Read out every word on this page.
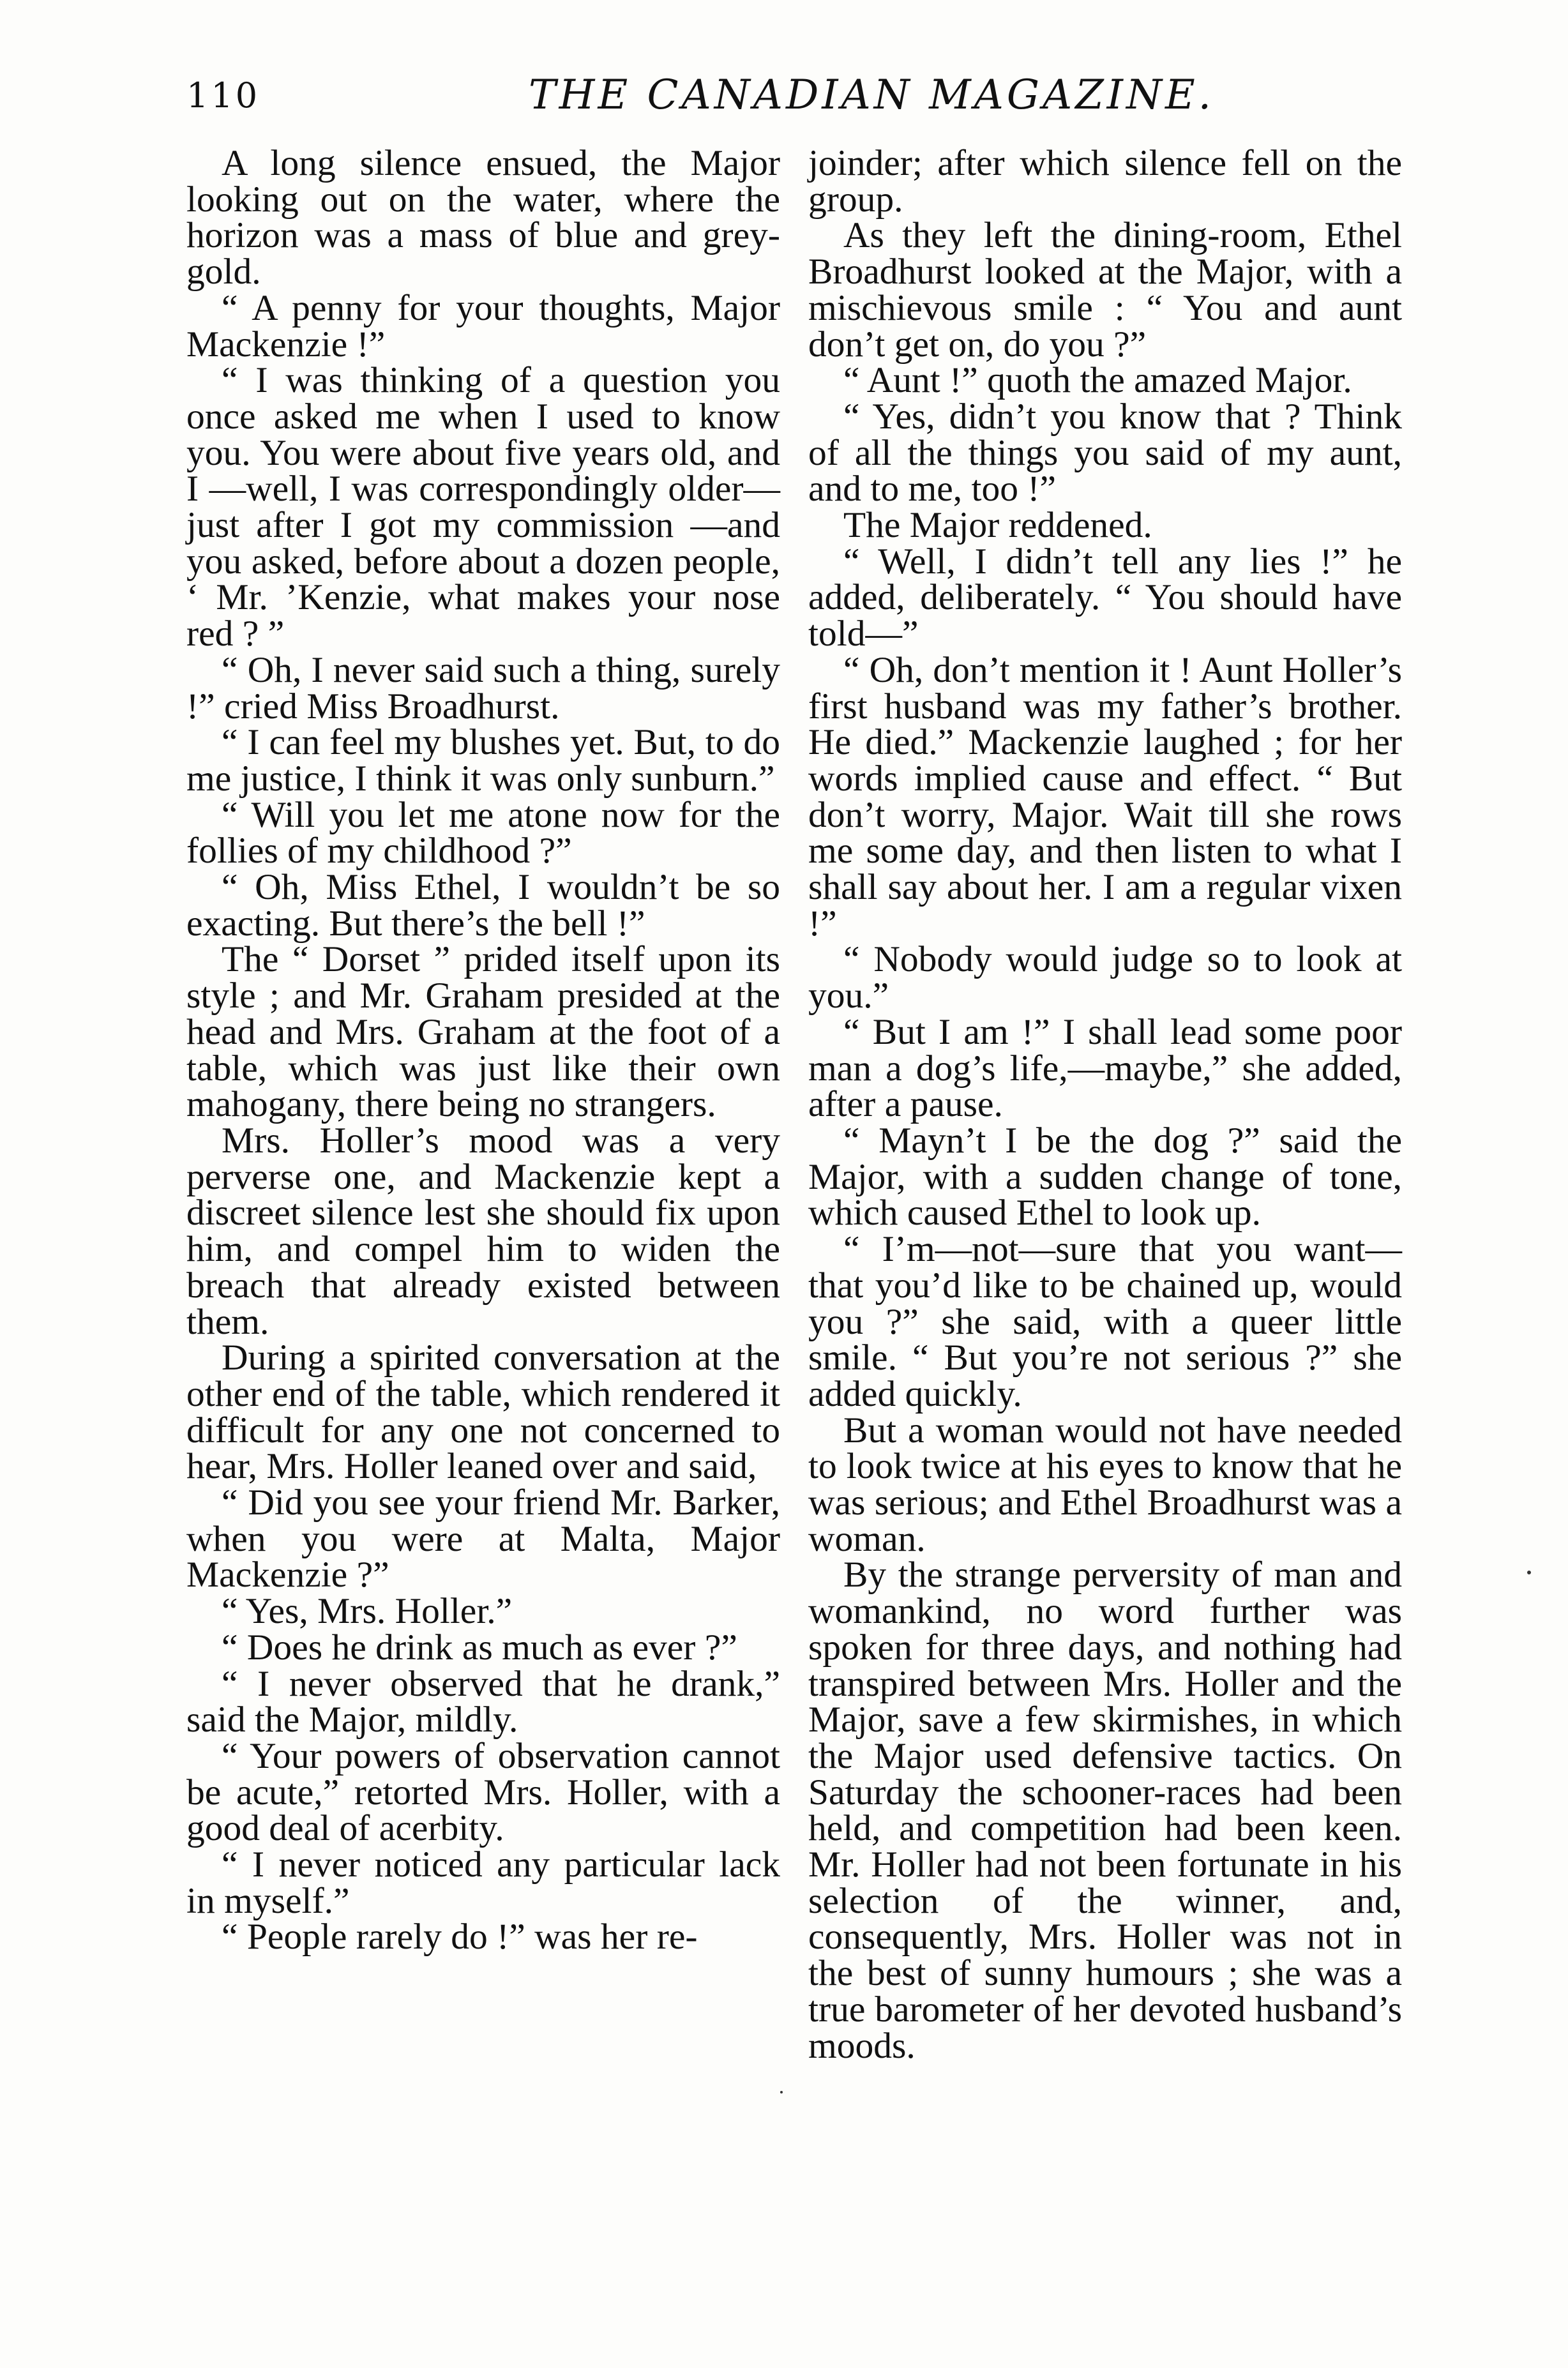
110	THE CANADIAN MAGAZINE.

A long silence ensued, the Major looking out on the water, where the horizon was a mass of blue and grey-gold.

“ A penny for your thoughts, Major Mackenzie !”

“ I was thinking of a question you once asked me when I used to know you. You were about five years old, and I —well, I was correspondingly older—just after I got my commission —and you asked, before about a dozen people, ‘ Mr. ’Kenzie, what makes your nose red ? ”

“ Oh, I never said such a thing, surely !” cried Miss Broadhurst.

“ I can feel my blushes yet. But, to do me justice, I think it was only sunburn.”

“ Will you let me atone now for the follies of my childhood ?”

“ Oh, Miss Ethel, I wouldn’t be so exacting. But there’s the bell !”

The “ Dorset ” prided itself upon its style ; and Mr. Graham presided at the head and Mrs. Graham at the foot of a table, which was just like their own mahogany, there being no strangers.

Mrs. Holler’s mood was a very perverse one, and Mackenzie kept a discreet silence lest she should fix upon him, and compel him to widen the breach that already existed between them.

During a spirited conversation at the other end of the table, which rendered it difficult for any one not concerned to hear, Mrs. Holler leaned over and said,

“ Did you see your friend Mr. Barker, when you were at Malta, Major Mackenzie ?”

“ Yes, Mrs. Holler.”

“ Does he drink as much as ever ?”

“ I never observed that he drank,” said the Major, mildly.

“ Your powers of observation cannot be acute,” retorted Mrs. Holler, with a good deal of acerbity.

“ I never noticed any particular lack in myself.”

“ People rarely do !” was her re-

joinder; after which silence fell on the group.

As they left the dining-room, Ethel Broadhurst looked at the Major, with a mischievous smile : “ You and aunt don’t get on, do you ?”

“ Aunt !” quoth the amazed Major.

“ Yes, didn’t you know that ? Think of all the things you said of my aunt, and to me, too !”

The Major reddened.

“ Well, I didn’t tell any lies !” he added, deliberately. “ You should have told—”

“ Oh, don’t mention it ! Aunt Holler’s first husband was my father’s brother. He died.” Mackenzie laughed ; for her words implied cause and effect. “ But don’t worry, Major. Wait till she rows me some day, and then listen to what I shall say about her. I am a regular vixen !”

“ Nobody would judge so to look at you.”

“ But I am !” I shall lead some poor man a dog’s life,—maybe,” she added, after a pause.

“ Mayn’t I be the dog ?” said the Major, with a sudden change of tone, which caused Ethel to look up.

“ I’m—not—sure that you want— that you’d like to be chained up, would you ?” she said, with a queer little smile. “ But you’re not serious ?” she added quickly.

But a woman would not have needed to look twice at his eyes to know that he was serious; and Ethel Broadhurst was a woman.

By the strange perversity of man and womankind, no word further was spoken for three days, and nothing had transpired between Mrs. Holler and the Major, save a few skirmishes, in which the Major used defensive tactics. On Saturday the schooner-races had been held, and competition had been keen. Mr. Holler had not been fortunate in his selection of the winner, and, consequently, Mrs. Holler was not in the best of sunny humours ; she was a true barometer of her devoted husband’s moods.
